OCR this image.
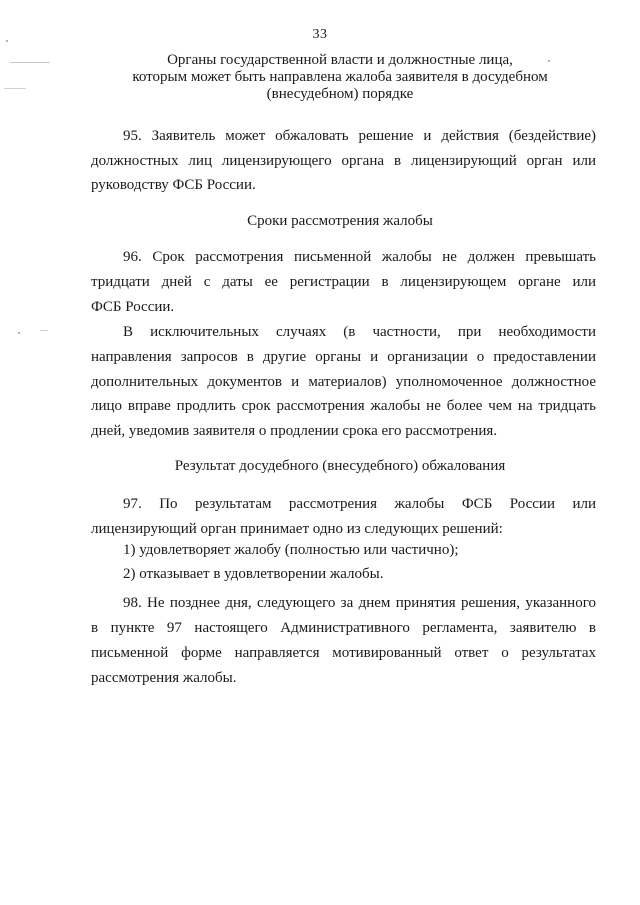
33
Органы государственной власти и должностные лица,
которым может быть направлена жалоба заявителя в досудебном
(внесудебном) порядке
95. Заявитель может обжаловать решение и действия (бездействие)
должностных лиц лицензирующего органа в лицензирующий орган или
руководству ФСБ России.
Сроки рассмотрения жалобы
96. Срок рассмотрения письменной жалобы не должен превышать
тридцати дней с даты ее регистрации в лицензирующем органе или
ФСБ России.
В исключительных случаях (в частности, при необходимости
направления запросов в другие органы и организации о предоставлении
дополнительных документов и материалов) уполномоченное должностное
лицо вправе продлить срок рассмотрения жалобы не более чем на тридцать
дней, уведомив заявителя о продлении срока его рассмотрения.
Результат досудебного (внесудебного) обжалования
97. По результатам рассмотрения жалобы ФСБ России или
лицензирующий орган принимает одно из следующих решений:
1) удовлетворяет жалобу (полностью или частично);
2) отказывает в удовлетворении жалобы.
98. Не позднее дня, следующего за днем принятия решения, указанного
в пункте 97 настоящего Административного регламента, заявителю в
письменной форме направляется мотивированный ответ о результатах
рассмотрения жалобы.
